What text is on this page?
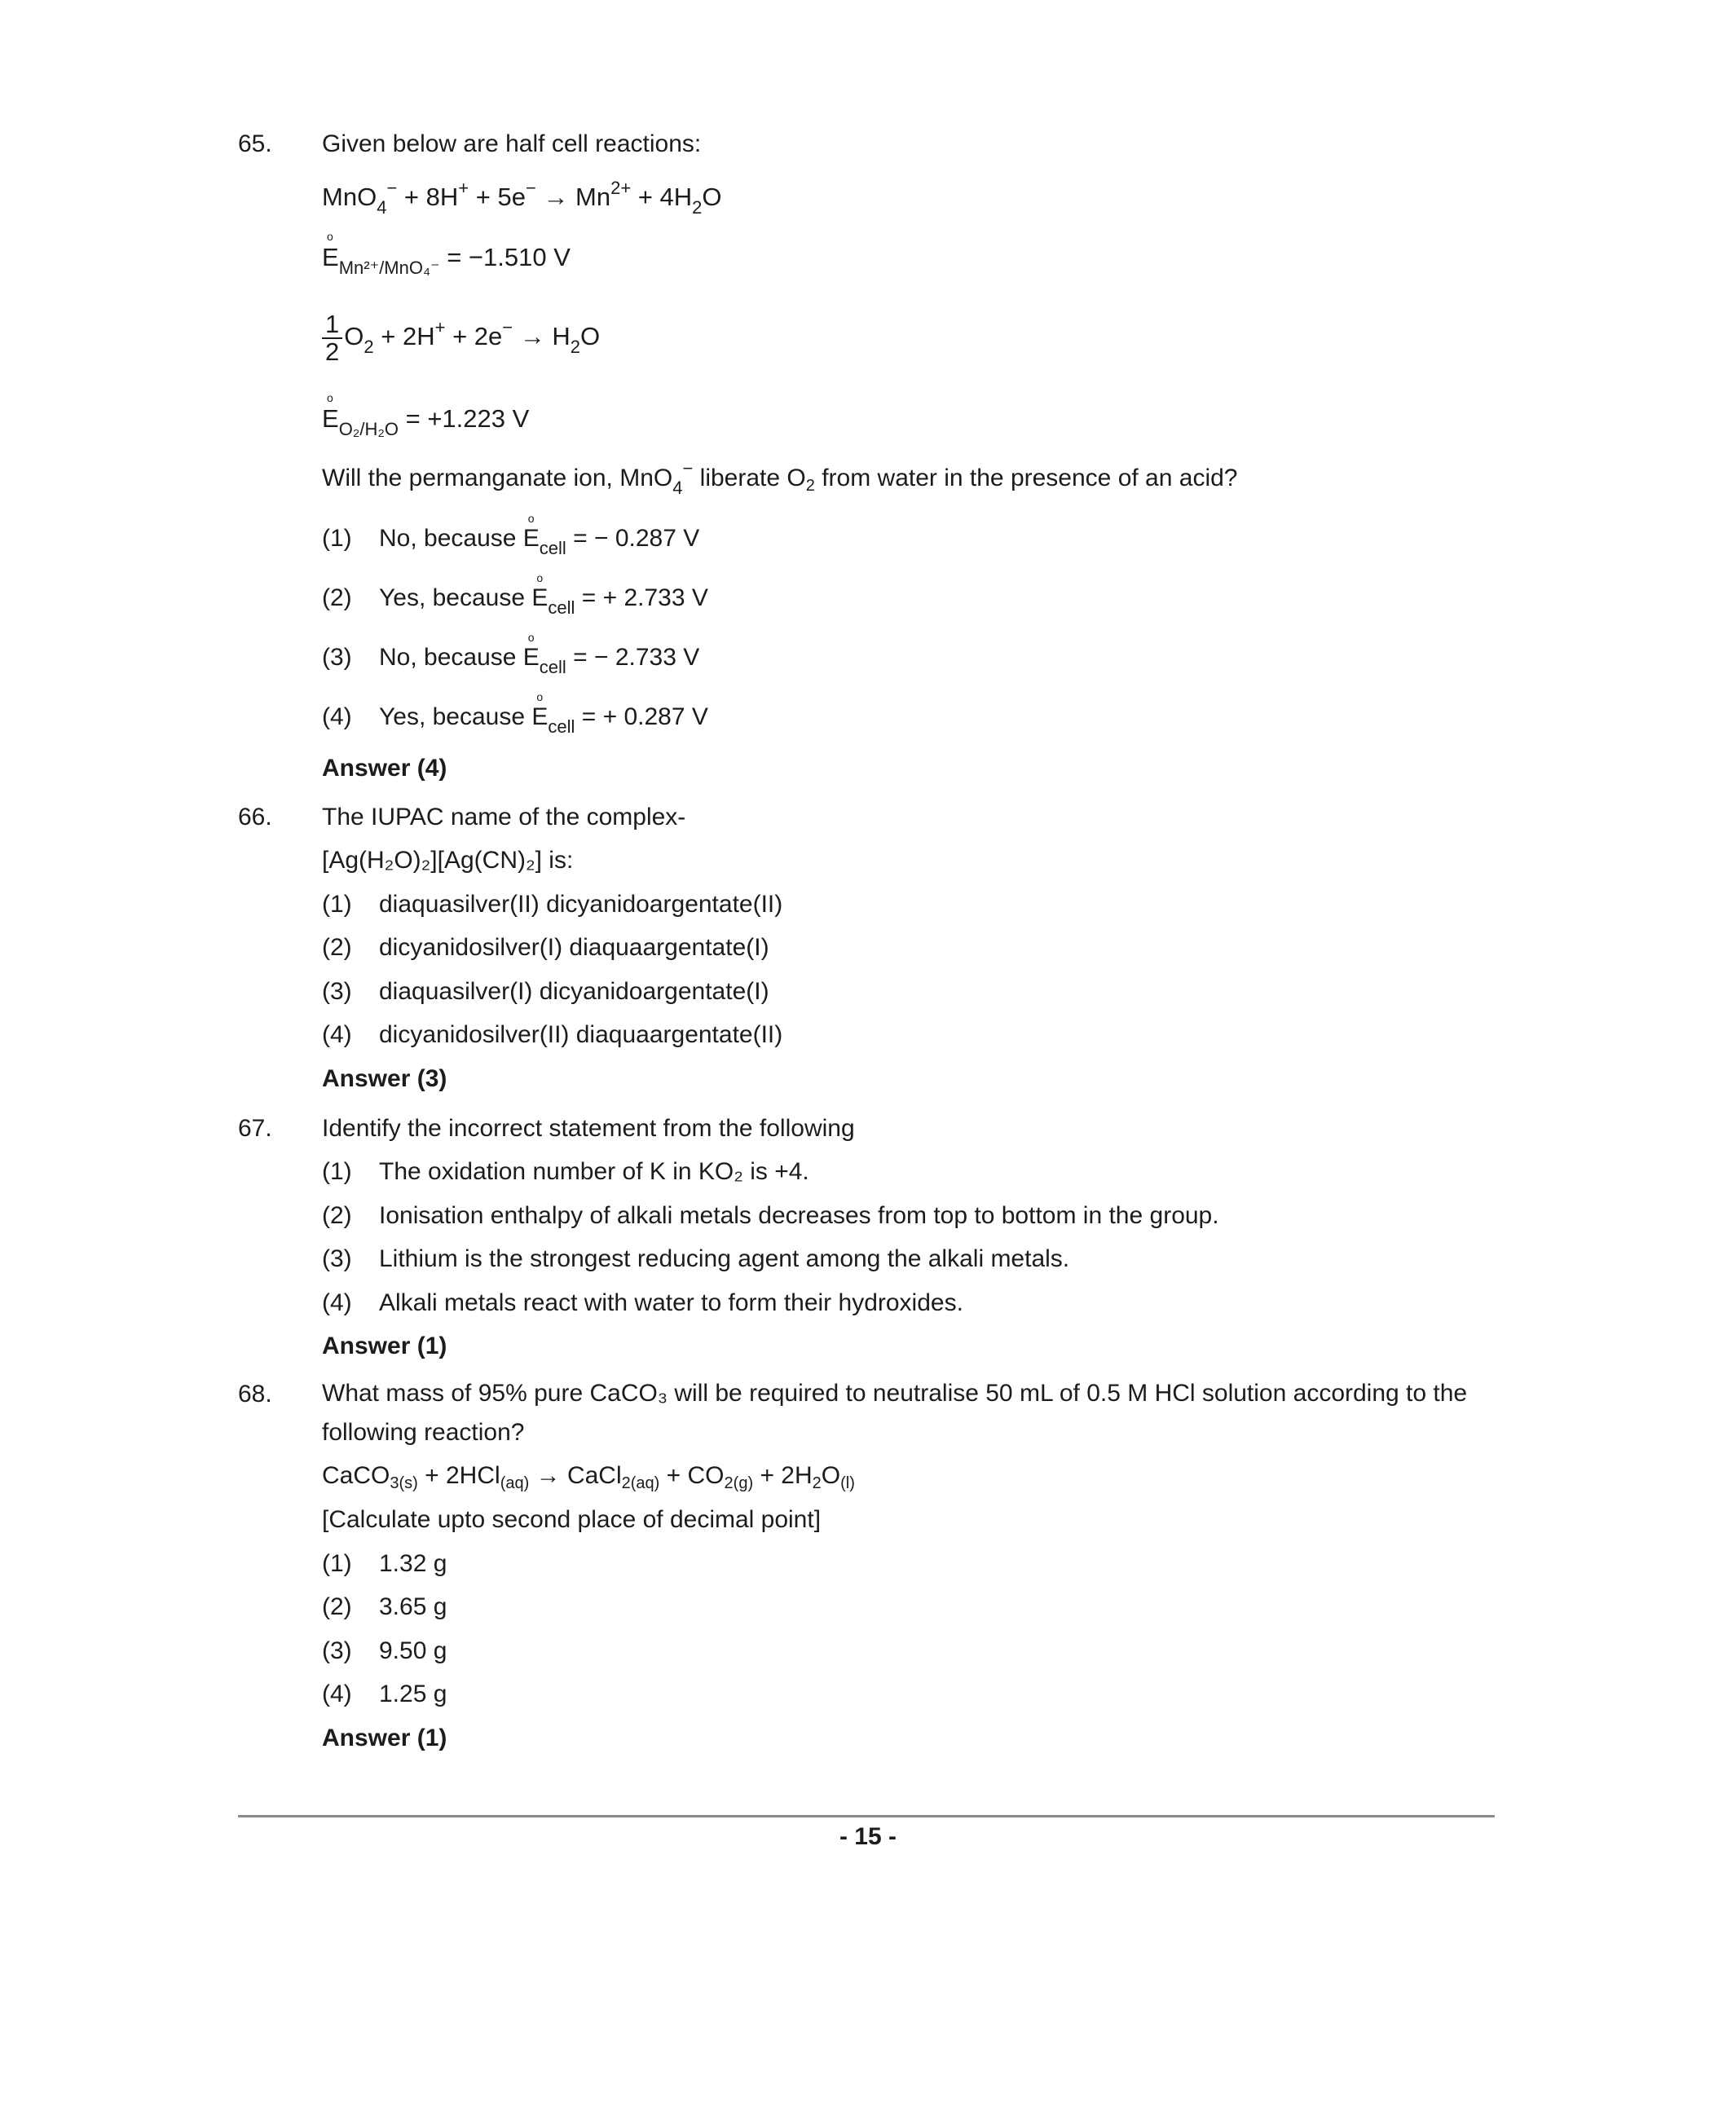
65. Given below are half cell reactions:
$MnO_4^- + 8H^+ + 5e^- \to Mn^{2+} + 4H_2O$
o $E_{Mn^{2+}/MnO_4^-} = -1.510$ V
$\frac{1}{2} O_2 + 2H^+ + 2e^- \to H_2O$
o $E_{O_2/H_2O} = +1.223$ V
Will the permanganate ion, MnO$_4$− liberate $O_2$ from water in the presence of an acid?
(1) No, because o $E_{cell}$ = − 0.287 V
(2) Yes, because o $E_{cell}$ = + 2.733 V
(3) No, because o $E_{cell}$ = − 2.733 V
(4) Yes, because o $E_{cell}$ = + 0.287 V
Answer (4)
66. The IUPAC name of the complex-
[Ag(H₂O)₂][Ag(CN)₂] is:
(1) diaquasilver(II) dicyanidoargentate(II)
(2) dicyanidosilver(I) diaquaargentate(I)
(3) diaquasilver(I) dicyanidoargentate(I)
(4) dicyanidosilver(II) diaquaargentate(II)
Answer (3)
67. Identify the incorrect statement from the following
(1) The oxidation number of K in KO₂ is +4.
(2) Ionisation enthalpy of alkali metals decreases from top to bottom in the group.
(3) Lithium is the strongest reducing agent among the alkali metals.
(4) Alkali metals react with water to form their hydroxides.
Answer (1)
68. What mass of 95% pure CaCO₃ will be required to neutralise 50 mL of 0.5 M HCl solution according to the following reaction?
CaCO$_{3(s)}$ + 2HCl$_{(aq)}$ → CaCl$_{2(aq)}$ + $CO_{2(g)} + 2H_2O_{(l)}$
[Calculate upto second place of decimal point]
(1) 1.32 g
(2) 3.65 g
(3) 9.50 g
(4) 1.25 g
Answer (1)
- 15 -
